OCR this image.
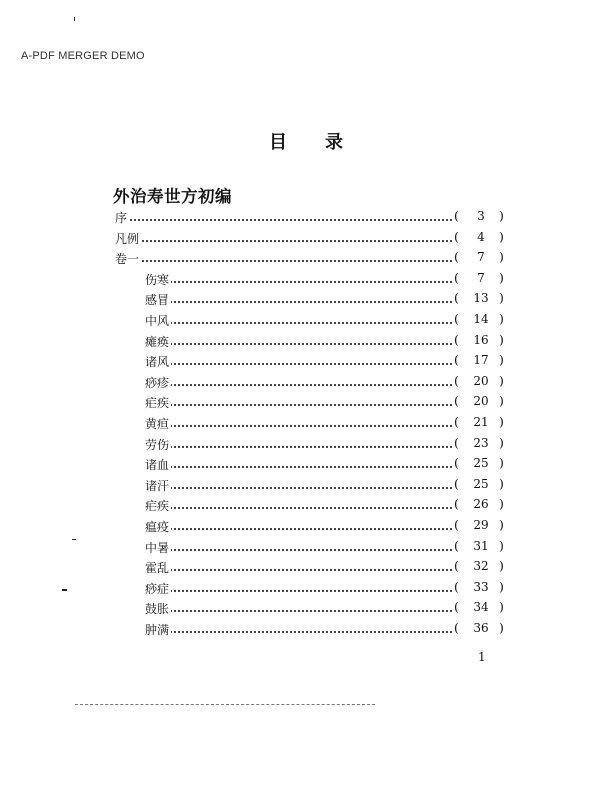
A-PDF MERGER DEMO
目录
外治寿世方初编
序	(	3	)
凡例	(	4	)
卷一	(	7	)
伤寒	(	7	)
感冒	(	13 )
中风	(	14 )
瘫痪	(	16 )
诸风	(	17 )
痧疹	(	20 )
疟疾	(	20 )
黄疸	(	21 )
劳伤	(	23 )
诸血	(	25 )
诸汗	(	25 )
疟疾	(	26 )
瘟疫	(	29 )
中暑	(	31 )
霍乱	(	32 )
痧症	(	33 )
鼓胀	(	34 )
肿满	(	36 )
1
